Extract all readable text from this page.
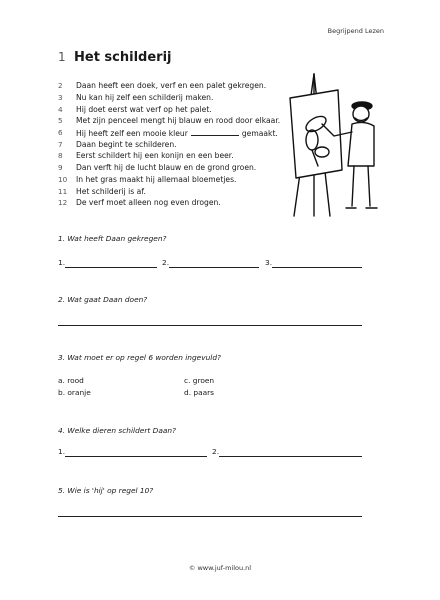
Begrijpend Lezen
1 Het schilderij
2	Daan heeft een doek, verf en een palet gekregen.
3	Nu kan hij zelf een schilderij maken.
4	Hij doet eerst wat verf op het palet.
5	Met zijn penceel mengt hij blauw en rood door elkaar.
6	Hij heeft zelf een mooie kleur	gemaakt.
7	Daan begint te schilderen.
8	Eerst schildert hij een konijn en een beer.
9	Dan verft hij de lucht blauw en de grond groen.
10	In het gras maakt hij allemaal bloemetjes.
11	Het schilderij is af.
12	De verf moet alleen nog even drogen.
1. Wat heeft Daan gekregen?
1.	2.	3.
2. Wat gaat Daan doen?
3. Wat moet er op regel 6 worden ingevuld?
a. rood
b. oranje
c. groen
d. paars
4. Welke dieren schildert Daan?
1.	2.
5. Wie is 'hij' op regel 10?
© www.juf-milou.nl
